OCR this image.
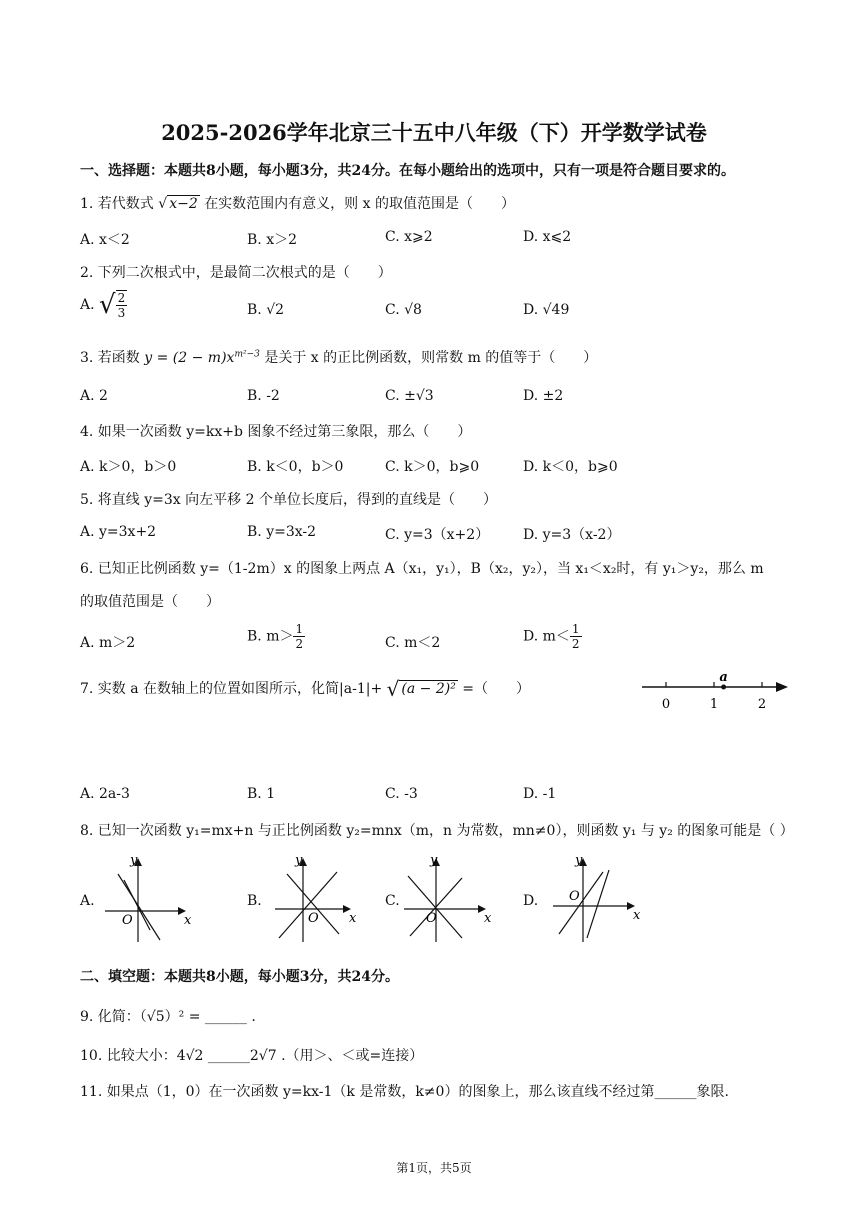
2025-2026学年北京三十五中八年级（下）开学数学试卷
一、选择题：本题共8小题，每小题3分，共24分。在每小题给出的选项中，只有一项是符合题目要求的。
1. 若代数式 √ x−2 在实数范围内有意义，则 x 的取值范围是（　　）
A. x＜2	B. x＞2	C. x⩾2	D. x⩽2
2. 下列二次根式中，是最简二次根式的是（　　）
A. √ $\frac{2}{3}$	B. √2	C. √8	D. √49
3. 若函数 $y = (2 - m)x^{m^2-3}$ 是关于 x 的正比例函数，则常数 m 的值等于（　　）
A. 2	B. -2	C. ±√3	D. ±2
4. 如果一次函数 y=kx+b 图象不经过第三象限，那么（　　）
A. k＞0，b＞0	B. k＜0，b＞0	C. k＞0，b⩾0	D. k＜0，b⩾0
5. 将直线 y=3x 向左平移 2 个单位长度后，得到的直线是（　　）
A. y=3x+2	B. y=3x-2	C. y=3（x+2） D. y=3（x-2）
6. 已知正比例函数 y=（1-2m）x 的图象上两点 A（x₁，y₁），B（x₂，y₂），当 x₁＜x₂时，有 y₁＞y₂，那么 m
的取值范围是（　　）
A. m＞2	B. $m> \frac{1}{2}$	C. m＜2	D. $m< \frac{1}{2}$
7. 实数 a 在数轴上的位置如图所示，化简|a-1|+ √ (a − 2)² =（　　）
0	1	2
a
A. 2a-3	B. 1	C. -3	D. -1
8. 已知一次函数 y₁=mx+n 与正比例函数 y₂=mnx（m，n 为常数，mn≠0），则函数 y₁ 与 y₂ 的图象可能是（ ）
A.
y
x
O
B.
y
x
O
C.
y
x
O
D.
y
x
O
二、填空题：本题共8小题，每小题3分，共24分。
9. 化简：（√5）² = ______ .
10. 比较大小：4√2 ______2√7 .（用＞、＜或=连接）
11. 如果点（1，0）在一次函数 y=kx-1（k 是常数，k≠0）的图象上，那么该直线不经过第______象限.
第1页，共5页
